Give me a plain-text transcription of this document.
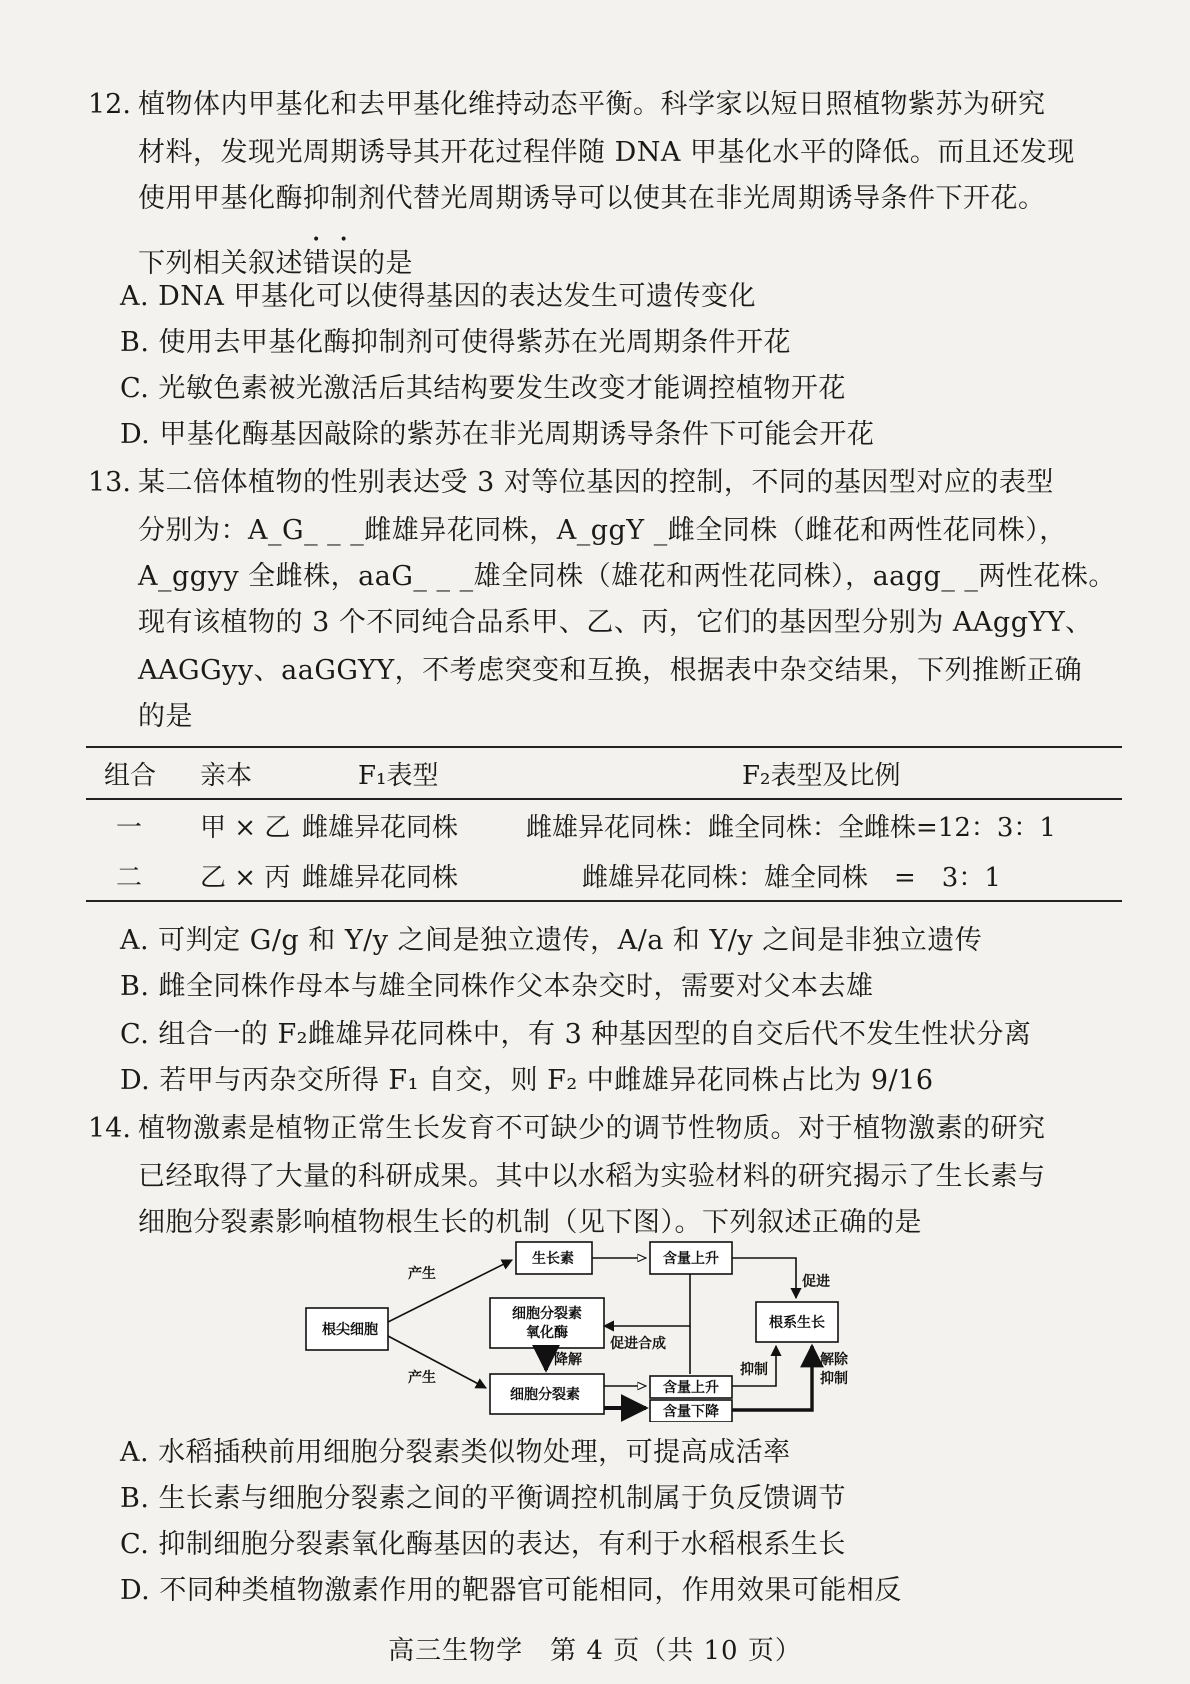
12. 植物体内甲基化和去甲基化维持动态平衡。科学家以短日照植物紫苏为研究
材料，发现光周期诱导其开花过程伴随 DNA 甲基化水平的降低。而且还发现
使用甲基化酶抑制剂代替光周期诱导可以使其在非光周期诱导条件下开花。
下列相关叙述错误的是
A. DNA 甲基化可以使得基因的表达发生可遗传变化
B. 使用去甲基化酶抑制剂可使得紫苏在光周期条件开花
C. 光敏色素被光激活后其结构要发生改变才能调控植物开花
D. 甲基化酶基因敲除的紫苏在非光周期诱导条件下可能会开花
13. 某二倍体植物的性别表达受 3 对等位基因的控制，不同的基因型对应的表型
分别为：A_G_ _ _雌雄异花同株，A_ggY _雌全同株（雌花和两性花同株），
A_ggyy 全雌株，aaG_ _ _雄全同株（雄花和两性花同株），aagg_ _两性花株。
现有该植物的 3 个不同纯合品系甲、乙、丙，它们的基因型分别为 AAggYY、
AAGGyy、aaGGYY，不考虑突变和互换，根据表中杂交结果，下列推断正确
的是
组合	亲本	F₁表型	F₂表型及比例
一	甲 × 乙	雌雄异花同株	雌雄异花同株：雌全同株：全雌株=12：3：1
二	乙 × 丙	雌雄异花同株	雌雄异花同株：雄全同株　=　3：1
A. 可判定 G/g 和 Y/y 之间是独立遗传，A/a 和 Y/y 之间是非独立遗传
B. 雌全同株作母本与雄全同株作父本杂交时，需要对父本去雄
C. 组合一的 F₂雌雄异花同株中，有 3 种基因型的自交后代不发生性状分离
D. 若甲与丙杂交所得 F₁ 自交，则 F₂ 中雌雄异花同株占比为 9/16
14. 植物激素是植物正常生长发育不可缺少的调节性物质。对于植物激素的研究
已经取得了大量的科研成果。其中以水稻为实验材料的研究揭示了生长素与
细胞分裂素影响植物根生长的机制（见下图）。下列叙述正确的是
根尖细胞
生长素
细胞分裂素
氧化酶
细胞分裂素
含量上升
含量上升
含量下降
根系生长
产生
产生
促进
降解
促进合成
抑制
解除
抑制
A. 水稻插秧前用细胞分裂素类似物处理，可提高成活率
B. 生长素与细胞分裂素之间的平衡调控机制属于负反馈调节
C. 抑制细胞分裂素氧化酶基因的表达，有利于水稻根系生长
D. 不同种类植物激素作用的靶器官可能相同，作用效果可能相反
高三生物学　第 4 页（共 10 页）
